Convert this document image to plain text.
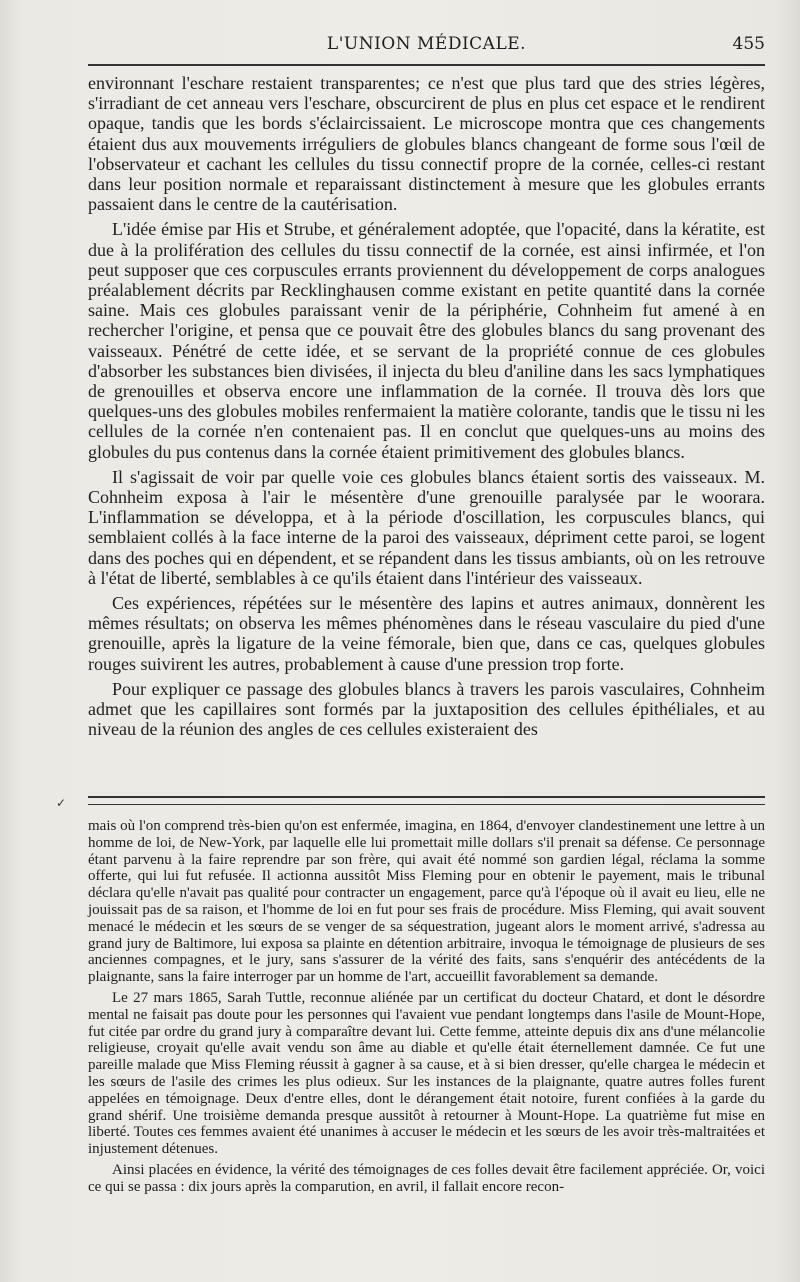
L'UNION MÉDICALE.	455

environnant l'eschare restaient transparentes; ce n'est que plus tard que des stries légères, s'irradiant de cet anneau vers l'eschare, obscurcirent de plus en plus cet espace et le rendirent opaque, tandis que les bords s'éclaircissaient. Le microscope montra que ces changements étaient dus aux mouvements irréguliers de globules blancs changeant de forme sous l'œil de l'observateur et cachant les cellules du tissu connectif propre de la cornée, celles-ci restant dans leur position normale et reparaissant distinctement à mesure que les globules errants passaient dans le centre de la cautérisation.

L'idée émise par His et Strube, et généralement adoptée, que l'opacité, dans la kératite, est due à la prolifération des cellules du tissu connectif de la cornée, est ainsi infirmée, et l'on peut supposer que ces corpuscules errants proviennent du développement de corps analogues préalablement décrits par Recklinghausen comme existant en petite quantité dans la cornée saine. Mais ces globules paraissant venir de la périphérie, Cohnheim fut amené à en rechercher l'origine, et pensa que ce pouvait être des globules blancs du sang provenant des vaisseaux. Pénétré de cette idée, et se servant de la propriété connue de ces globules d'absorber les substances bien divisées, il injecta du bleu d'aniline dans les sacs lymphatiques de grenouilles et observa encore une inflammation de la cornée. Il trouva dès lors que quelques-uns des globules mobiles renfermaient la matière colorante, tandis que le tissu ni les cellules de la cornée n'en contenaient pas. Il en conclut que quelques-uns au moins des globules du pus contenus dans la cornée étaient primitivement des globules blancs.

Il s'agissait de voir par quelle voie ces globules blancs étaient sortis des vaisseaux. M. Cohnheim exposa à l'air le mésentère d'une grenouille paralysée par le woorara. L'inflammation se développa, et à la période d'oscillation, les corpuscules blancs, qui semblaient collés à la face interne de la paroi des vaisseaux, dépriment cette paroi, se logent dans des poches qui en dépendent, et se répandent dans les tissus ambiants, où on les retrouve à l'état de liberté, semblables à ce qu'ils étaient dans l'intérieur des vaisseaux.

Ces expériences, répétées sur le mésentère des lapins et autres animaux, donnèrent les mêmes résultats; on observa les mêmes phénomènes dans le réseau vasculaire du pied d'une grenouille, après la ligature de la veine fémorale, bien que, dans ce cas, quelques globules rouges suivirent les autres, probablement à cause d'une pression trop forte.

Pour expliquer ce passage des globules blancs à travers les parois vasculaires, Cohnheim admet que les capillaires sont formés par la juxtaposition des cellules épithéliales, et au niveau de la réunion des angles de ces cellules existeraient des

✓

mais où l'on comprend très-bien qu'on est enfermée, imagina, en 1864, d'envoyer clandestinement une lettre à un homme de loi, de New-York, par laquelle elle lui promettait mille dollars s'il prenait sa défense. Ce personnage étant parvenu à la faire reprendre par son frère, qui avait été nommé son gardien légal, réclama la somme offerte, qui lui fut refusée. Il actionna aussitôt Miss Fleming pour en obtenir le payement, mais le tribunal déclara qu'elle n'avait pas qualité pour contracter un engagement, parce qu'à l'époque où il avait eu lieu, elle ne jouissait pas de sa raison, et l'homme de loi en fut pour ses frais de procédure. Miss Fleming, qui avait souvent menacé le médecin et les sœurs de se venger de sa séquestration, jugeant alors le moment arrivé, s'adressa au grand jury de Baltimore, lui exposa sa plainte en détention arbitraire, invoqua le témoignage de plusieurs de ses anciennes compagnes, et le jury, sans s'assurer de la vérité des faits, sans s'enquérir des antécédents de la plaignante, sans la faire interroger par un homme de l'art, accueillit favorablement sa demande.

Le 27 mars 1865, Sarah Tuttle, reconnue aliénée par un certificat du docteur Chatard, et dont le désordre mental ne faisait pas doute pour les personnes qui l'avaient vue pendant longtemps dans l'asile de Mount-Hope, fut citée par ordre du grand jury à comparaître devant lui. Cette femme, atteinte depuis dix ans d'une mélancolie religieuse, croyait qu'elle avait vendu son âme au diable et qu'elle était éternellement damnée. Ce fut une pareille malade que Miss Fleming réussit à gagner à sa cause, et à si bien dresser, qu'elle chargea le médecin et les sœurs de l'asile des crimes les plus odieux. Sur les instances de la plaignante, quatre autres folles furent appelées en témoignage. Deux d'entre elles, dont le dérangement était notoire, furent confiées à la garde du grand shérif. Une troisième demanda presque aussitôt à retourner à Mount-Hope. La quatrième fut mise en liberté. Toutes ces femmes avaient été unanimes à accuser le médecin et les sœurs de les avoir très-maltraitées et injustement détenues.

Ainsi placées en évidence, la vérité des témoignages de ces folles devait être facilement appréciée. Or, voici ce qui se passa : dix jours après la comparution, en avril, il fallait encore recon-
